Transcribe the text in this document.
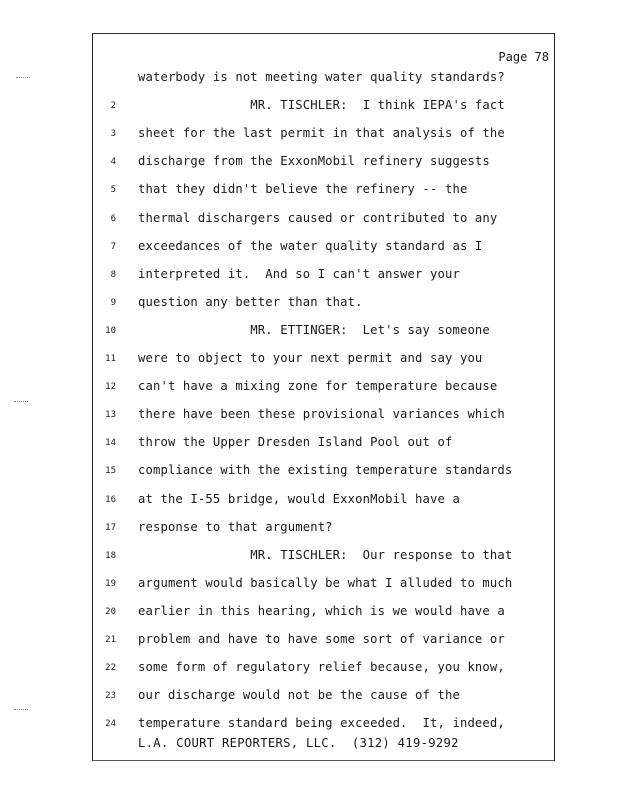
Page 78
waterbody is not meeting water quality standards?
2 MR. TISCHLER:  I think IEPA's fact
3 sheet for the last permit in that analysis of the
4 discharge from the ExxonMobil refinery suggests
5 that they didn't believe the refinery -- the
6 thermal dischargers caused or contributed to any
7 exceedances of the water quality standard as I
8 interpreted it.  And so I can't answer your
9 question any better than that.
10 MR. ETTINGER:  Let's say someone
11 were to object to your next permit and say you
12 can't have a mixing zone for temperature because
13 there have been these provisional variances which
14 throw the Upper Dresden Island Pool out of
15 compliance with the existing temperature standards
16 at the I-55 bridge, would ExxonMobil have a
17 response to that argument?
18 MR. TISCHLER:  Our response to that
19 argument would basically be what I alluded to much
20 earlier in this hearing, which is we would have a
21 problem and have to have some sort of variance or
22 some form of regulatory relief because, you know,
23 our discharge would not be the cause of the
24 temperature standard being exceeded.  It, indeed,
L.A. COURT REPORTERS, LLC.  (312) 419-9292
